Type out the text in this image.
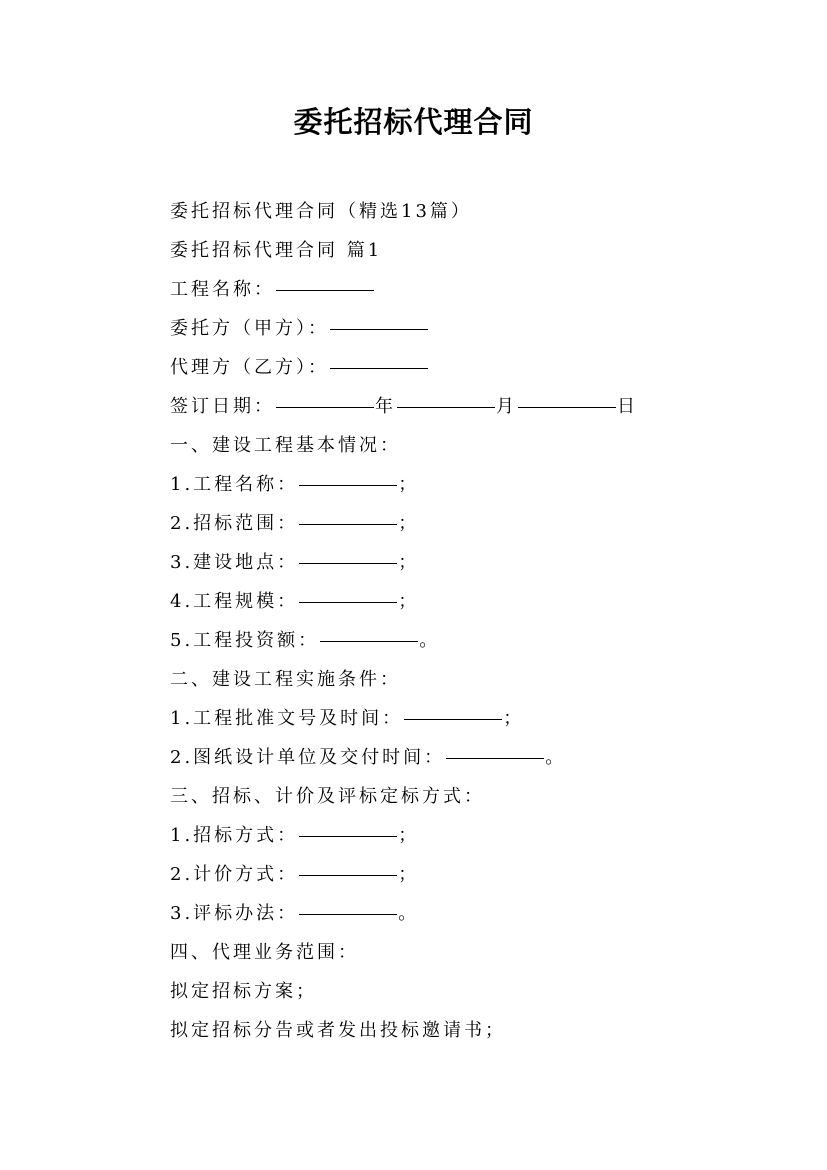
委托招标代理合同
委托招标代理合同（精选13篇）
委托招标代理合同 篇1
工程名称：
委托方（甲方）：
代理方（乙方）：
签订日期：	年	月	日
一、建设工程基本情况：
1.工程名称：	；
2.招标范围：	；
3.建设地点：	；
4.工程规模：	；
5.工程投资额：	。
二、建设工程实施条件：
1.工程批准文号及时间：	；
2.图纸设计单位及交付时间：	。
三、招标、计价及评标定标方式：
1.招标方式：	；
2.计价方式：	；
3.评标办法：	。
四、代理业务范围：
拟定招标方案；
拟定招标分告或者发出投标邀请书；
